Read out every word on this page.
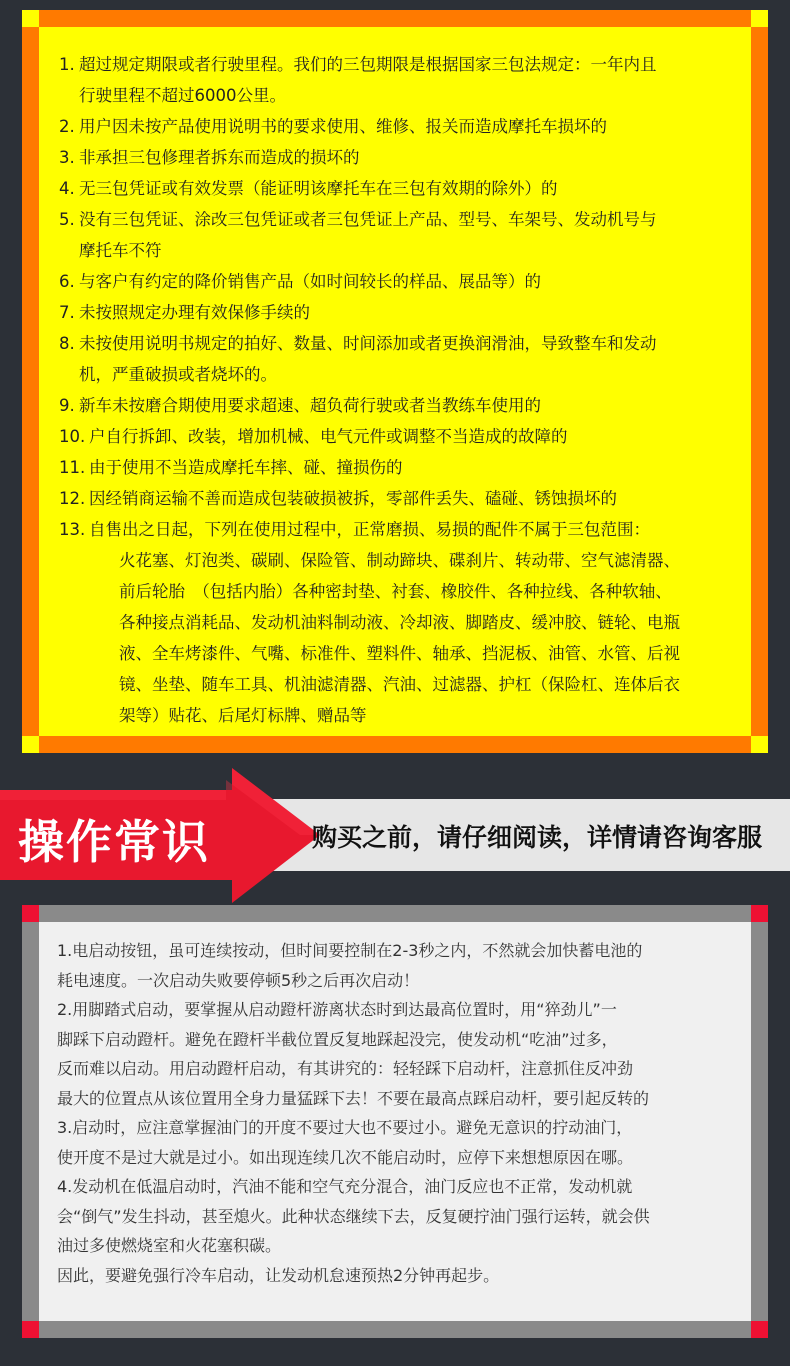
1. 超过规定期限或者行驶里程。我们的三包期限是根据国家三包法规定：一年内且
行驶里程不超过6000公里。
2. 用户因未按产品使用说明书的要求使用、维修、报关而造成摩托车损坏的
3. 非承担三包修理者拆东而造成的损坏的
4. 无三包凭证或有效发票（能证明该摩托车在三包有效期的除外）的
5. 没有三包凭证、涂改三包凭证或者三包凭证上产品、型号、车架号、发动机号与
摩托车不符
6. 与客户有约定的降价销售产品（如时间较长的样品、展品等）的
7. 未按照规定办理有效保修手续的
8. 未按使用说明书规定的拍好、数量、时间添加或者更换润滑油，导致整车和发动
机，严重破损或者烧坏的。
9. 新车未按磨合期使用要求超速、超负荷行驶或者当教练车使用的
10. 户自行拆卸、改装，增加机械、电气元件或调整不当造成的故障的
11. 由于使用不当造成摩托车摔、碰、撞损伤的
12. 因经销商运输不善而造成包装破损被拆，零部件丢失、磕碰、锈蚀损坏的
13. 自售出之日起，下列在使用过程中，正常磨损、易损的配件不属于三包范围：
火花塞、灯泡类、碳刷、保险管、制动蹄块、碟刹片、转动带、空气滤清器、
前后轮胎　（包括内胎）各种密封垫、衬套、橡胶件、各种拉线、各种软轴、
各种接点消耗品、发动机油料制动液、冷却液、脚踏皮、缓冲胶、链轮、电瓶
液、全车烤漆件、气嘴、标准件、塑料件、轴承、挡泥板、油管、水管、后视
镜、坐垫、随车工具、机油滤清器、汽油、过滤器、护杠（保险杠、连体后衣
架等）贴花、后尾灯标牌、赠品等
操作常识	购买之前，请仔细阅读，详情请咨询客服
1.电启动按钮，虽可连续按动，但时间要控制在2-3秒之内，不然就会加快蓄电池的
耗电速度。一次启动失败要停顿5秒之后再次启动！
2.用脚踏式启动，要掌握从启动蹬杆游离状态时到达最高位置时，用“猝劲儿”一
脚踩下启动蹬杆。避免在蹬杆半截位置反复地踩起没完，使发动机“吃油”过多，
反而难以启动。用启动蹬杆启动，有其讲究的：轻轻踩下启动杆，注意抓住反冲劲
最大的位置点从该位置用全身力量猛踩下去！不要在最高点踩启动杆，要引起反转的
3.启动时，应注意掌握油门的开度不要过大也不要过小。避免无意识的拧动油门，
使开度不是过大就是过小。如出现连续几次不能启动时，应停下来想想原因在哪。
4.发动机在低温启动时，汽油不能和空气充分混合，油门反应也不正常，发动机就
会“倒气”发生抖动，甚至熄火。此种状态继续下去，反复硬拧油门强行运转，就会供
油过多使燃烧室和火花塞积碳。
因此，要避免强行冷车启动，让发动机怠速预热2分钟再起步。
